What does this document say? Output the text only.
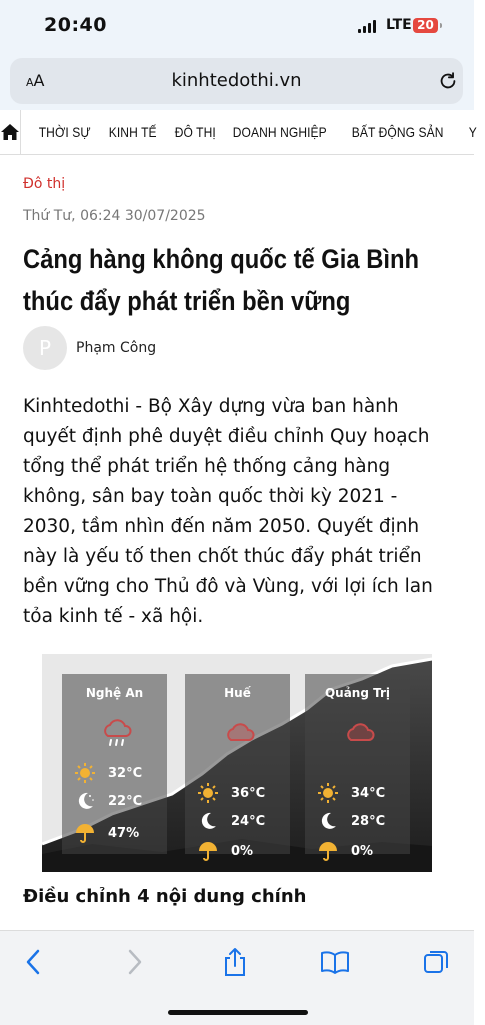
20:40	LTE 20
AA	kinhtedothi.vn
THỜI SỰ	KINH TẾ	ĐÔ THỊ	DOANH NGHIỆP	BẤT ĐỘNG SẢN	Y
Đô thị
Thứ Tư, 06:24 30/07/2025
Cảng hàng không quốc tế Gia Bình thúc đẩy phát triển bền vững
P	Phạm Công
Kinhtedothi - Bộ Xây dựng vừa ban hành quyết định phê duyệt điều chỉnh Quy hoạch tổng thể phát triển hệ thống cảng hàng không, sân bay toàn quốc thời kỳ 2021 - 2030, tầm nhìn đến năm 2050. Quyết định này là yếu tố then chốt thúc đẩy phát triển bền vững cho Thủ đô và Vùng, với lợi ích lan tỏa kinh tế - xã hội.
Nghệ An
32°C
22°C
47%
Huế
36°C
24°C
0%
Quảng Trị
34°C
28°C
0%
Điều chỉnh 4 nội dung chính
